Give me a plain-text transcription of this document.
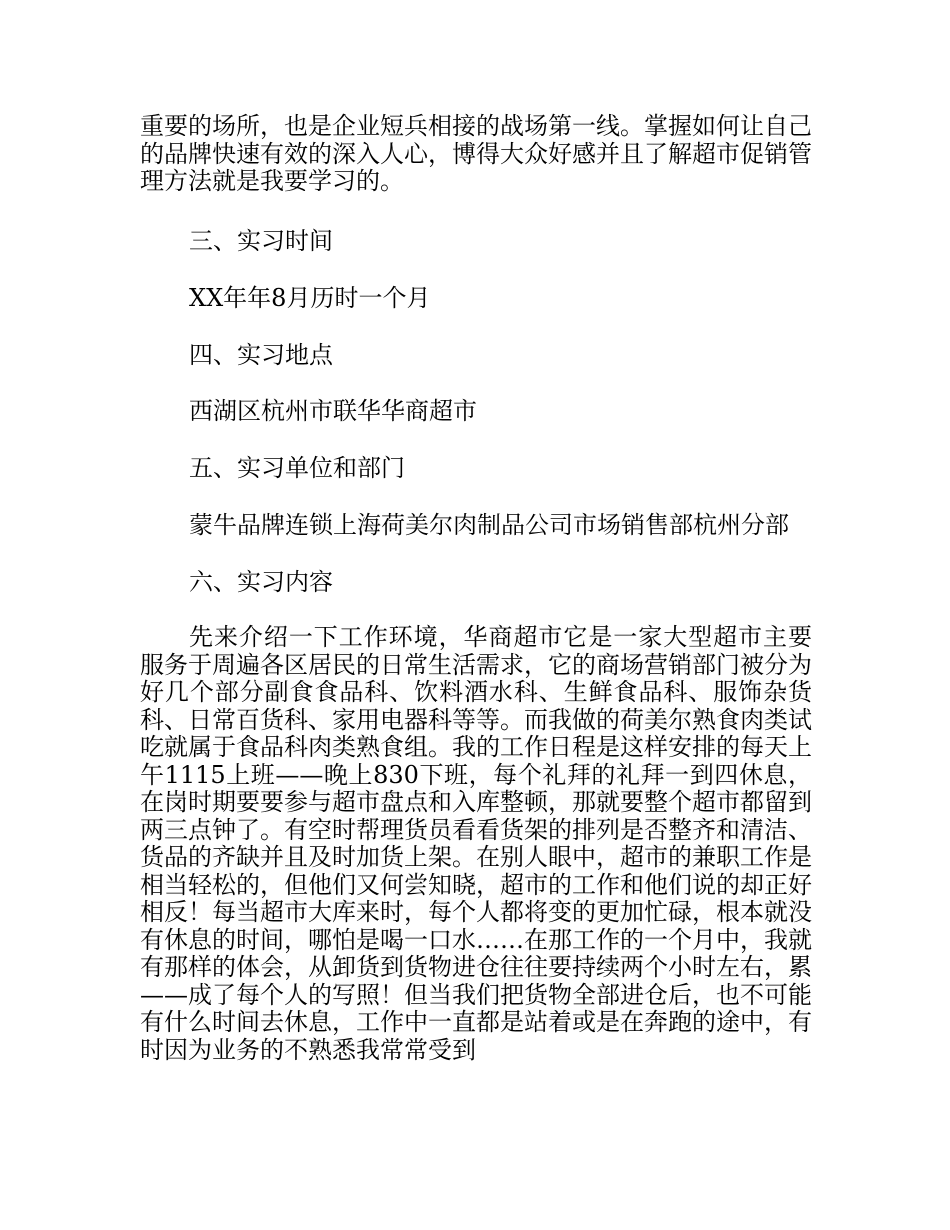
重要的场所，也是企业短兵相接的战场第一线。掌握如何让自己的品牌快速有效的深入人心，博得大众好感并且了解超市促销管理方法就是我要学习的。
三、实习时间
XX年年8月历时一个月
四、实习地点
西湖区杭州市联华华商超市
五、实习单位和部门
蒙牛品牌连锁上海荷美尔肉制品公司市场销售部杭州分部
六、实习内容
先来介绍一下工作环境，华商超市它是一家大型超市主要服务于周遍各区居民的日常生活需求，它的商场营销部门被分为好几个部分副食食品科、饮料酒水科、生鲜食品科、服饰杂货科、日常百货科、家用电器科等等。而我做的荷美尔熟食肉类试吃就属于食品科肉类熟食组。我的工作日程是这样安排的每天上午1115上班——晚上830下班，每个礼拜的礼拜一到四休息，在岗时期要要参与超市盘点和入库整顿，那就要整个超市都留到两三点钟了。有空时帮理货员看看货架的排列是否整齐和清洁、货品的齐缺并且及时加货上架。在别人眼中，超市的兼职工作是相当轻松的，但他们又何尝知晓，超市的工作和他们说的却正好相反！每当超市大库来时，每个人都将变的更加忙碌，根本就没有休息的时间，哪怕是喝一口水……在那工作的一个月中，我就有那样的体会，从卸货到货物进仓往往要持续两个小时左右，累——成了每个人的写照！但当我们把货物全部进仓后，也不可能有什么时间去休息，工作中一直都是站着或是在奔跑的途中，有时因为业务的不熟悉我常常受到
